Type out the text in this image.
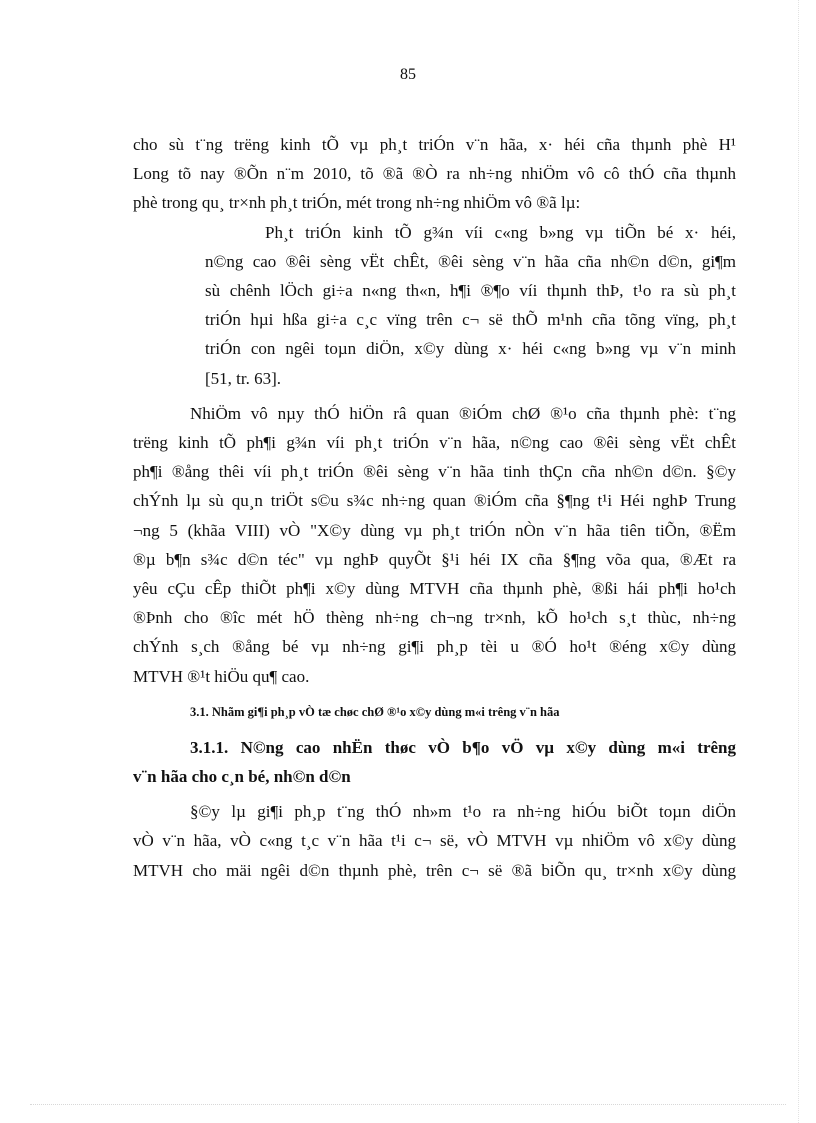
85
cho sù t¨ng trëng kinh tÕ vµ ph¸t triÓn v¨n hãa, x· héi cña thµnh phè H¹
Long tõ nay ®Õn n¨m 2010, tõ ®ã ®Ò ra nh÷ng nhiÖm vô cô thÓ cña thµnh
phè trong qu¸ tr×nh ph¸t triÓn, mét trong nh÷ng nhiÖm vô ®ã lµ:
Ph¸t triÓn kinh tÕ g¾n víi c«ng b»ng vµ tiÕn bé x· héi,
n©ng cao ®êi sèng vËt chÊt, ®êi sèng v¨n hãa cña nh©n d©n, gi¶m
sù chênh lÖch gi÷a n«ng th«n, h¶i ®¶o víi thµnh thÞ, t¹o ra sù ph¸t
triÓn hµi hßa gi÷a c¸c vïng trên c¬ së thÕ m¹nh cña tõng vïng, ph¸t
triÓn con ngêi toµn diÖn, x©y dùng x· héi c«ng b»ng vµ v¨n minh
[51, tr. 63].
NhiÖm vô nµy thÓ hiÖn râ quan ®iÓm chØ ®¹o cña thµnh phè: t¨ng
trëng kinh tÕ ph¶i g¾n víi ph¸t triÓn v¨n hãa, n©ng cao ®êi sèng vËt chÊt
ph¶i ®ång thêi víi ph¸t triÓn ®êi sèng v¨n hãa tinh thÇn cña nh©n d©n. §©y
chÝnh lµ sù qu¸n triÖt s©u s¾c nh÷ng quan ®iÓm cña §¶ng t¹i Héi nghÞ Trung
¬ng 5 (khãa VIII) vÒ "X©y dùng vµ ph¸t triÓn nÒn v¨n hãa tiên tiÕn, ®Ëm
®µ b¶n s¾c d©n téc" vµ nghÞ quyÕt §¹i héi IX cña §¶ng võa qua, ®Æt ra
yêu cÇu cÊp thiÕt ph¶i x©y dùng MTVH cña thµnh phè, ®ßi hái ph¶i ho¹ch
®Þnh cho ®îc mét hÖ thèng nh÷ng ch¬ng tr×nh, kÕ ho¹ch s¸t thùc, nh÷ng
chÝnh s¸ch ®ång bé vµ nh÷ng gi¶i ph¸p tèi u ®Ó ho¹t ®éng x©y dùng
MTVH ®¹t hiÖu qu¶ cao.
3.1. Nhãm gi¶i ph¸p vÒ tæ chøc chØ ®¹o x©y dùng m«i trêng v¨n hãa
3.1.1. N©ng cao nhËn thøc vÒ b¶o vÖ vµ x©y dùng m«i trêng
v¨n hãa cho c¸n bé, nh©n d©n
§©y lµ gi¶i ph¸p t¨ng thÓ nh»m t¹o ra nh÷ng hiÓu biÕt toµn diÖn
vÒ v¨n hãa, vÒ c«ng t¸c v¨n hãa t¹i c¬ së, vÒ MTVH vµ nhiÖm vô x©y dùng
MTVH cho mäi ngêi d©n thµnh phè, trên c¬ së ®ã biÕn qu¸ tr×nh x©y dùng
